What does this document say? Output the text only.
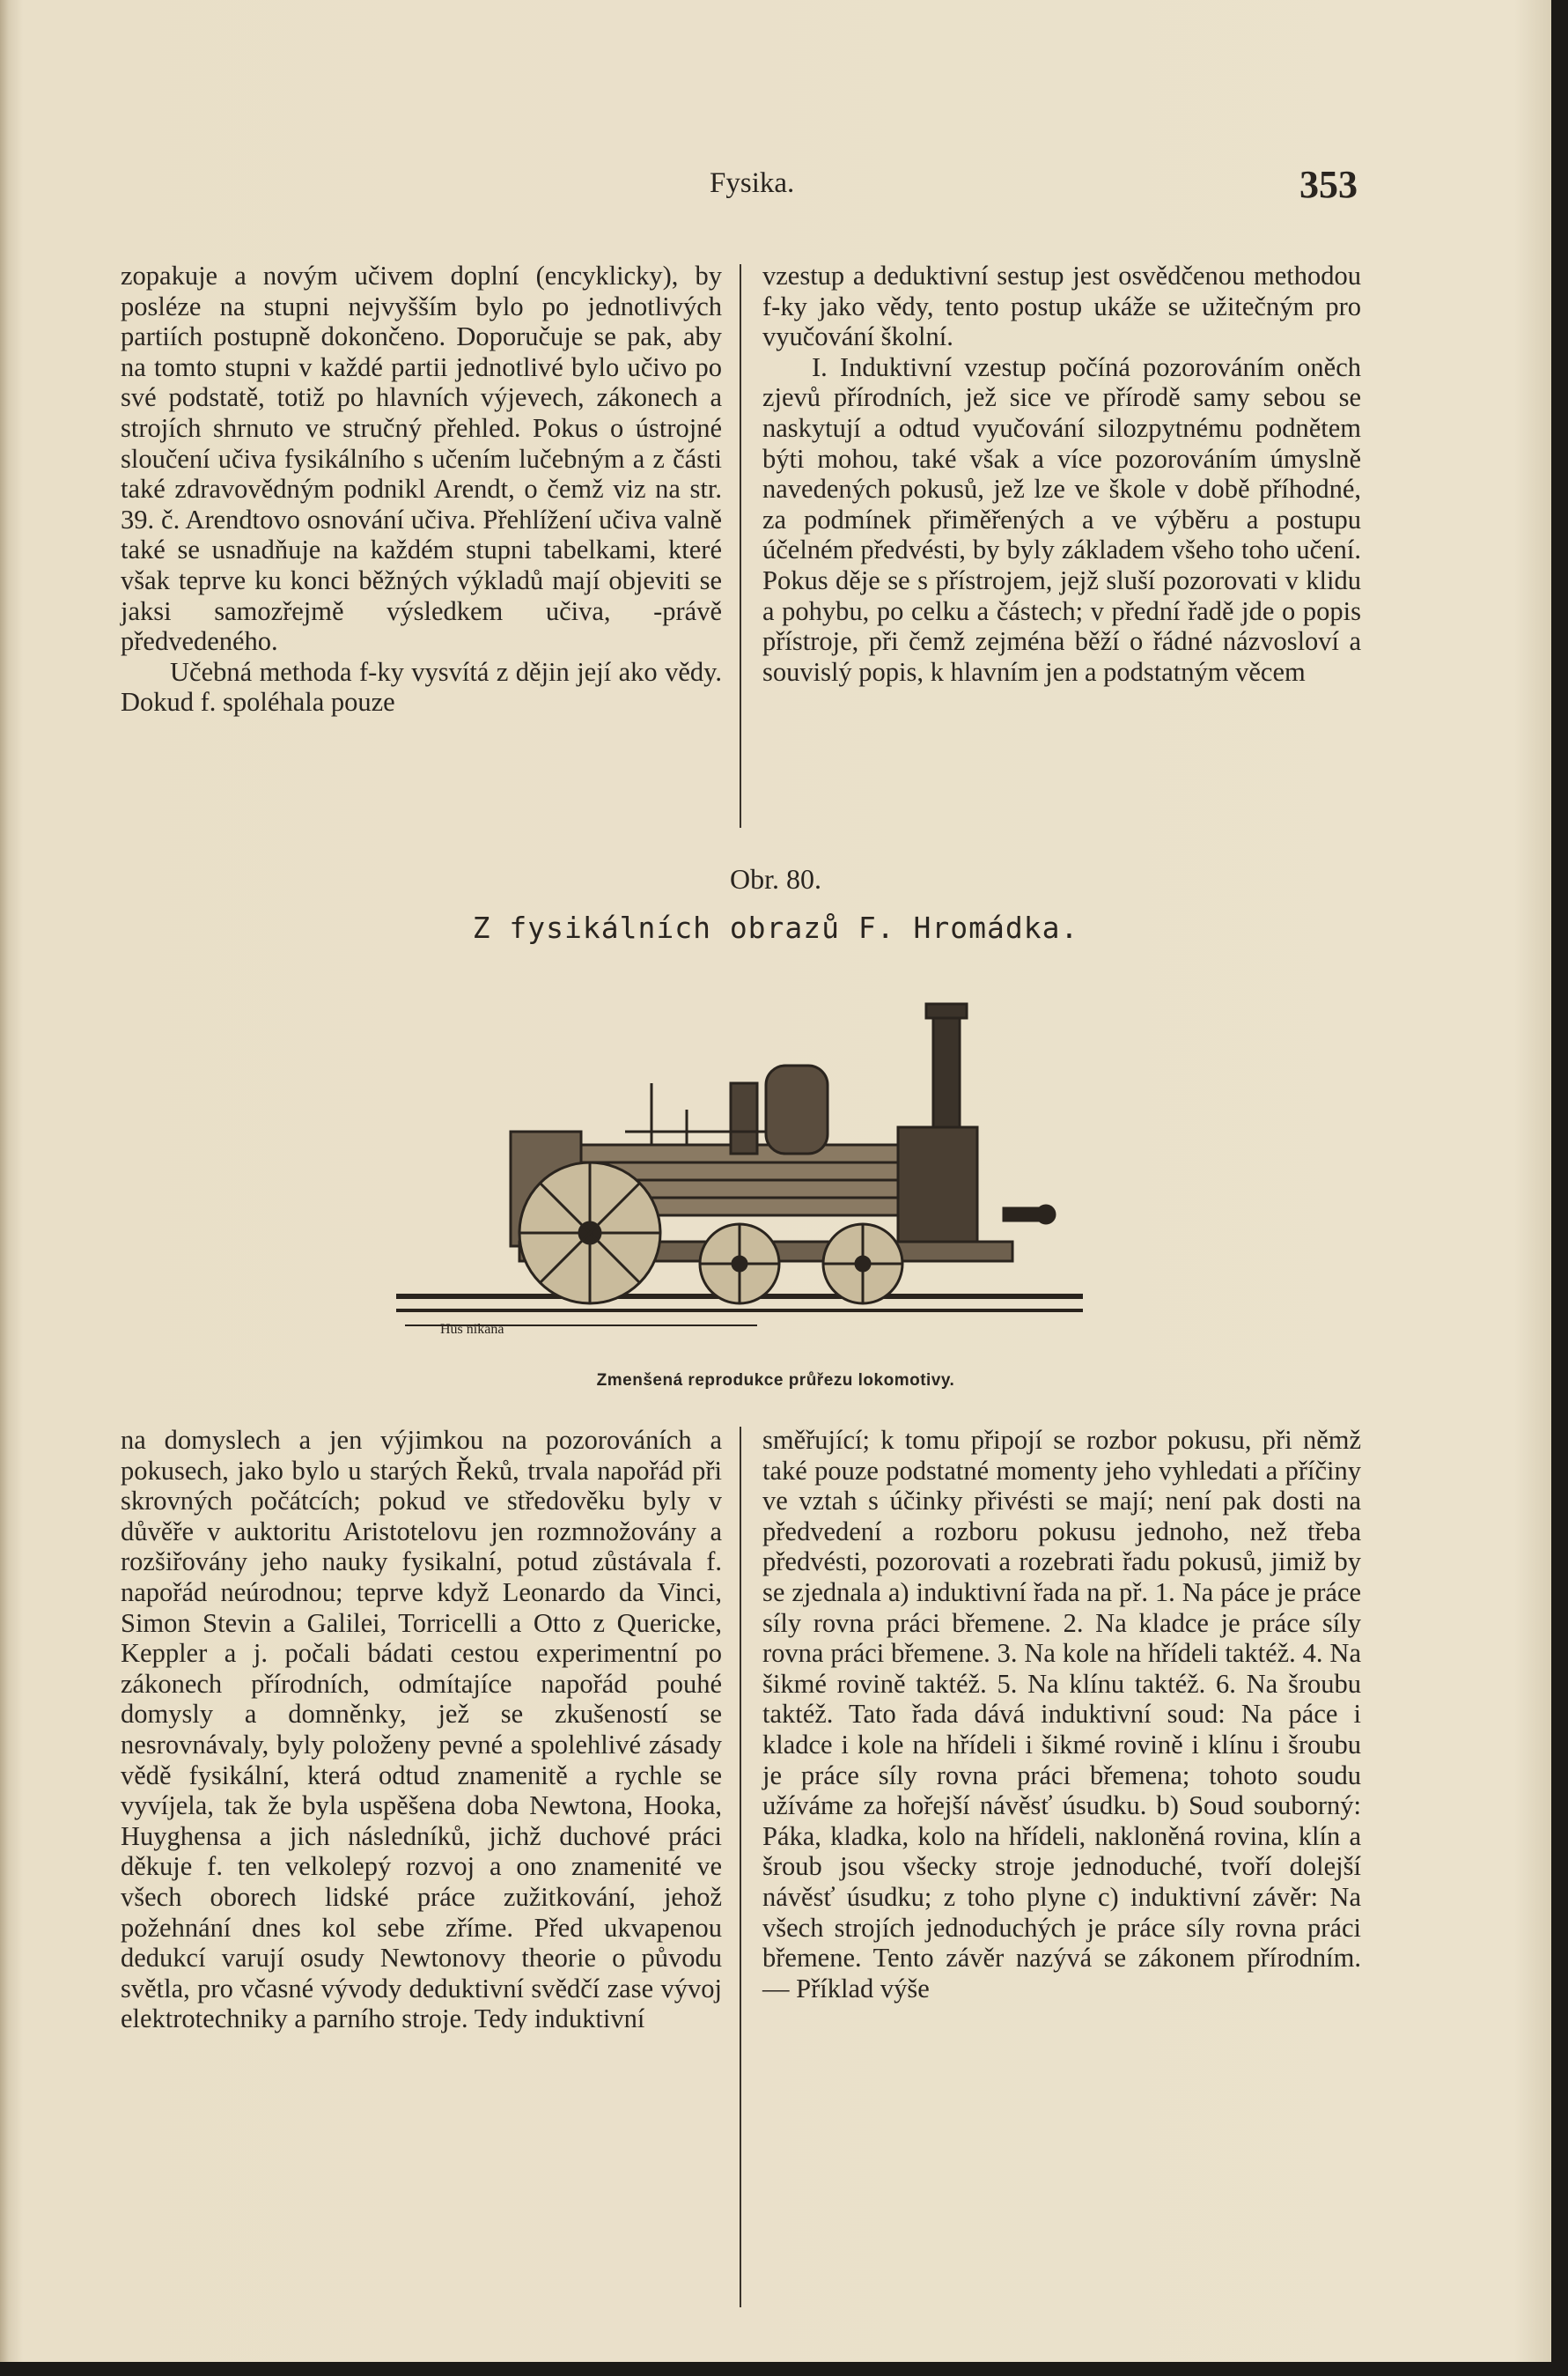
Fysika.	353

zopakuje a novým učivem doplní (encyklicky), by posléze na stupni nejvyšším bylo po jednotlivých partiích postupně dokončeno. Doporučuje se pak, aby na tomto stupni v každé partii jednotlivé bylo učivo po své podstatě, totiž po hlavních výjevech, zákonech a strojích shrnuto ve stručný přehled. Pokus o ústrojné sloučení učiva fysikálního s učením lučebným a z části také zdravovědným podnikl Arendt, o čemž viz na str. 39. č. Arendtovo osnování učiva. Přehlížení učiva valně také se usnadňuje na každém stupni tabelkami, které však teprve ku konci běžných výkladů mají objeviti se jaksi samozřejmě výsledkem učiva, -právě předvedeného.

Učebná methoda f-ky vysvítá z dějin její ako vědy. Dokud f. spoléhala pouze

vzestup a deduktivní sestup jest osvědčenou methodou f-ky jako vědy, tento postup ukáže se užitečným pro vyučování školní.

I. Induktivní vzestup počíná pozorováním oněch zjevů přírodních, jež sice ve přírodě samy sebou se naskytují a odtud vyučování silozpytnému podnětem býti mohou, také však a více pozorováním úmyslně navedených pokusů, jež lze ve škole v době příhodné, za podmínek přiměřených a ve výběru a postupu účelném předvésti, by byly základem všeho toho učení. Pokus děje se s přístrojem, jejž sluší pozorovati v klidu a pohybu, po celku a částech; v přední řadě jde o popis přístroje, při čemž zejména běží o řádné názvosloví a souvislý popis, k hlavním jen a podstatným věcem

Obr. 80.
Z fysikálních obrazů F. Hromádka.
Hus nikana
Zmenšená reprodukce průřezu lokomotivy.

na domyslech a jen výjimkou na pozorováních a pokusech, jako bylo u starých Řeků, trvala napořád při skrovných počátcích; pokud ve středověku byly v důvěře v auktoritu Aristotelovu jen rozmnožovány a rozšiřovány jeho nauky fysikalní, potud zůstávala f. napořád neúrodnou; teprve když Leonardo da Vinci, Simon Stevin a Galilei, Torricelli a Otto z Quericke, Keppler a j. počali bádati cestou experimentní po zákonech přírodních, odmítajíce napořád pouhé domysly a domněnky, jež se zkušeností se nesrovnávaly, byly položeny pevné a spolehlivé zásady vědě fysikální, která odtud znamenitě a rychle se vyvíjela, tak že byla uspěšena doba Newtona, Hooka, Huyghensa a jich následníků, jichž duchové práci děkuje f. ten velkolepý rozvoj a ono znamenité ve všech oborech lidské práce zužitkování, jehož požehnání dnes kol sebe zříme. Před ukvapenou dedukcí varují osudy Newtonovy theorie o původu světla, pro včasné vývody deduktivní svědčí zase vývoj elektrotechniky a parního stroje. Tedy induktivní

směřující; k tomu připojí se rozbor pokusu, při němž také pouze podstatné momenty jeho vyhledati a příčiny ve vztah s účinky přivésti se mají; není pak dosti na předvedení a rozboru pokusu jednoho, než třeba předvésti, pozorovati a rozebrati řadu pokusů, jimiž by se zjednala a) induktivní řada na př. 1. Na páce je práce síly rovna práci břemene. 2. Na kladce je práce síly rovna práci břemene. 3. Na kole na hřídeli taktéž. 4. Na šikmé rovině taktéž. 5. Na klínu taktéž. 6. Na šroubu taktéž. Tato řada dává induktivní soud: Na páce i kladce i kole na hřídeli i šikmé rovině i klínu i šroubu je práce síly rovna práci břemena; tohoto soudu užíváme za hořejší návěsť úsudku. b) Soud souborný: Páka, kladka, kolo na hřídeli, nakloněná rovina, klín a šroub jsou všecky stroje jednoduché, tvoří dolejší návěsť úsudku; z toho plyne c) induktivní závěr: Na všech strojích jednoduchých je práce síly rovna práci břemene. Tento závěr nazývá se zákonem přírodním. — Příklad výše
